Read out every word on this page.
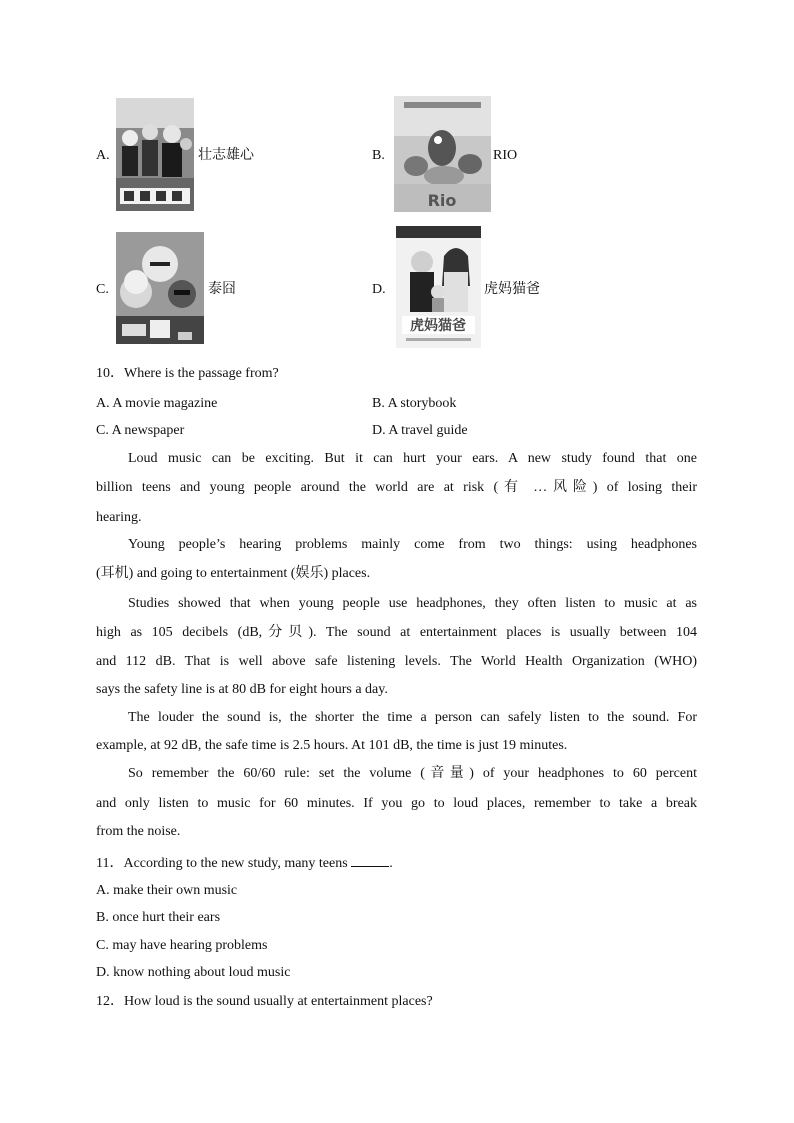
A.	壮志雄心	B.
Rio
RIO
C.	泰囧	D.
虎妈猫爸
虎妈猫爸
10．Where is the passage from?
A. A movie magazine	B. A storybook
C. A newspaper	D. A travel guide
Loud music can be exciting. But it can hurt your ears. A new study found that one
billion teens and young people around the world are at risk (有 …风险) of losing their
hearing.
Young people’s hearing problems mainly come from two things: using headphones
(耳机) and going to entertainment (娱乐) places.
Studies showed that when young people use headphones, they often listen to music at as
high as 105 decibels (dB,分贝). The sound at entertainment places is usually between 104
and 112 dB. That is well above safe listening levels. The World Health Organization (WHO)
says the safety line is at 80 dB for eight hours a day.
The louder the sound is, the shorter the time a person can safely listen to the sound. For
example, at 92 dB, the safe time is 2.5 hours. At 101 dB, the time is just 19 minutes.
So remember the 60/60 rule: set the volume (音量) of your headphones to 60 percent
and only listen to music for 60 minutes. If you go to loud places, remember to take a break
from the noise.
11．According to the new study, many teens	.
A. make their own music
B. once hurt their ears
C. may have hearing problems
D. know nothing about loud music
12．How loud is the sound usually at entertainment places?
